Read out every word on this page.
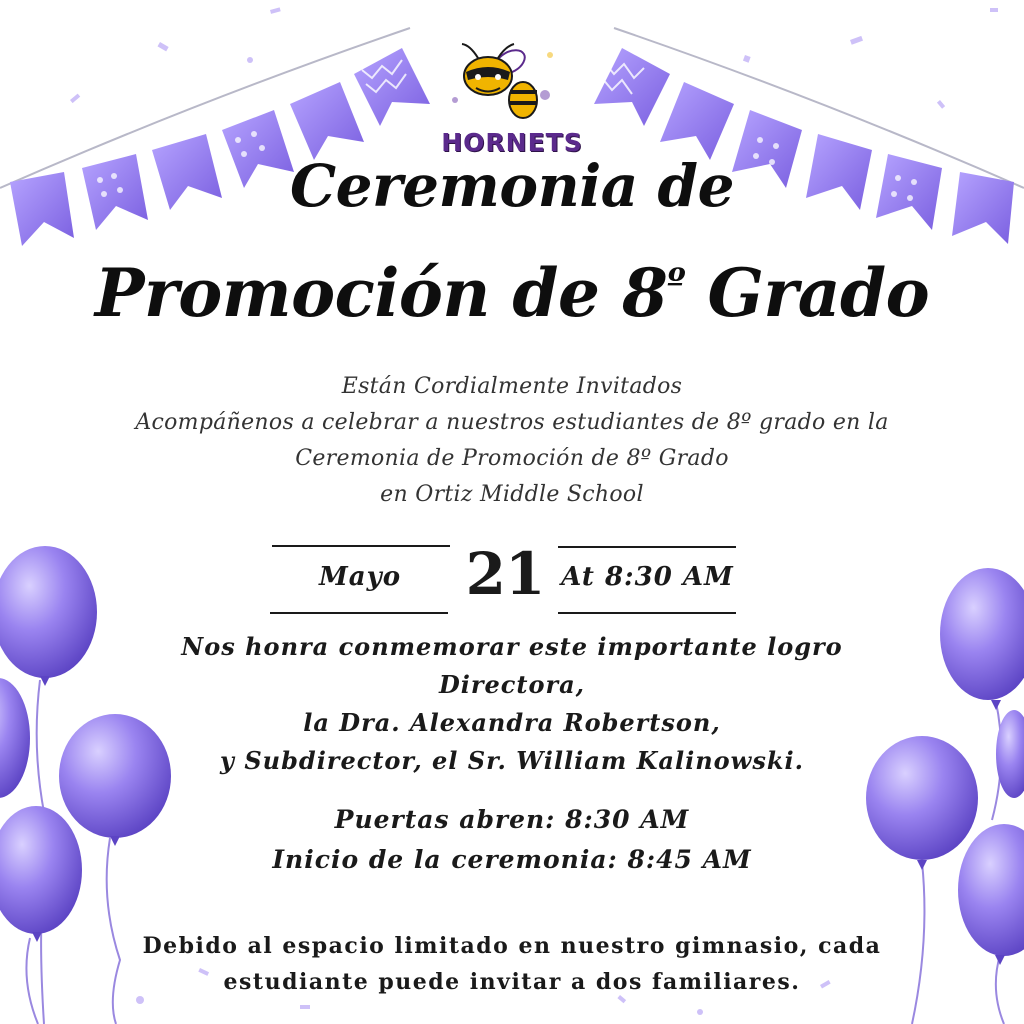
HORNETS
Ceremonia de
Promoción de $8^º$ Grado
Están Cordialmente Invitados
Acompáñenos a celebrar a nuestros estudiantes de 8º grado en la
Ceremonia de Promoción de 8º Grado
en Ortiz Middle School
Mayo	21 At 8:30 AM
Nos honra conmemorar este importante logro
Directora,
la Dra. Alexandra Robertson,
y Subdirector, el Sr. William Kalinowski.
Puertas abren: 8:30 AM
Inicio de la ceremonia: 8:45 AM
Debido al espacio limitado en nuestro gimnasio, cada
estudiante puede invitar a dos familiares.
